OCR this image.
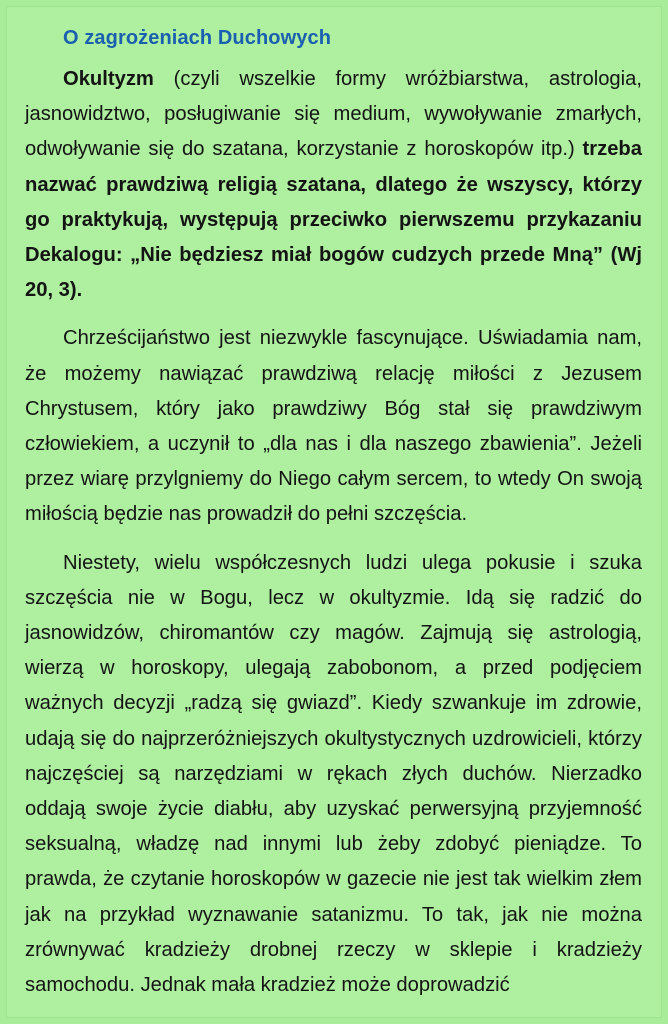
O zagrożeniach Duchowych

Okultyzm (czyli wszelkie formy wróżbiarstwa, astrologia, jasnowidztwo, posługiwanie się medium, wywoływanie zmarłych, odwoływanie się do szatana, korzystanie z horoskopów itp.) trzeba nazwać prawdziwą religią szatana, dlatego że wszyscy, którzy go praktykują, występują przeciwko pierwszemu przykazaniu Dekalogu: „Nie będziesz miał bogów cudzych przede Mną” (Wj 20, 3).

Chrześcijaństwo jest niezwykle fascynujące. Uświadamia nam, że możemy nawiązać prawdziwą relację miłości z Jezusem Chrystusem, który jako prawdziwy Bóg stał się prawdziwym człowiekiem, a uczynił to „dla nas i dla naszego zbawienia”. Jeżeli przez wiarę przylgniemy do Niego całym sercem, to wtedy On swoją miłością będzie nas prowadził do pełni szczęścia.

Niestety, wielu współczesnych ludzi ulega pokusie i szuka szczęścia nie w Bogu, lecz w okultyzmie. Idą się radzić do jasnowidzów, chiromantów czy magów. Zajmują się astrologią, wierzą w horoskopy, ulegają zabobonom, a przed podjęciem ważnych decyzji „radzą się gwiazd”. Kiedy szwankuje im zdrowie, udają się do najprzeróżniejszych okultystycznych uzdrowicieli, którzy najczęściej są narzędziami w rękach złych duchów. Nierzadko oddają swoje życie diabłu, aby uzyskać perwersyjną przyjemność seksualną, władzę nad innymi lub żeby zdobyć pieniądze. To prawda, że czytanie horoskopów w gazecie nie jest tak wielkim złem jak na przykład wyznawanie satanizmu. To tak, jak nie można zrównywać kradzieży drobnej rzeczy w sklepie i kradzieży samochodu. Jednak mała kradzież może doprowadzić
